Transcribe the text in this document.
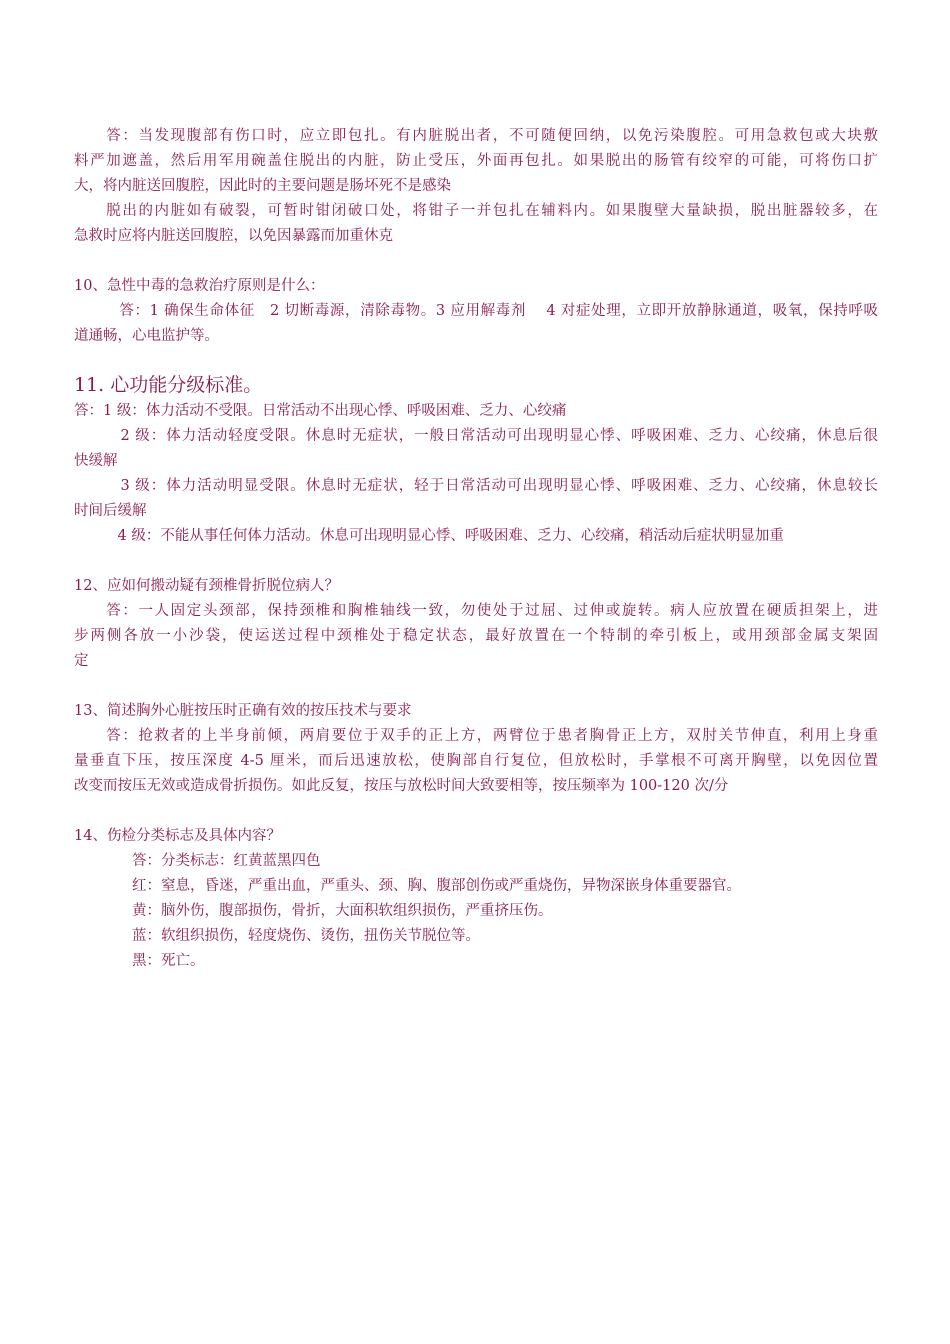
　　答：当发现腹部有伤口时，应立即包扎。有内脏脱出者，不可随便回纳，以免污染腹腔。可用急救包或大块敷
料严加遮盖，然后用军用碗盖住脱出的内脏，防止受压，外面再包扎。如果脱出的肠管有绞窄的可能，可将伤口扩
大，将内脏送回腹腔，因此时的主要问题是肠坏死不是感染
　　脱出的内脏如有破裂，可暂时钳闭破口处，将钳子一并包扎在辅料内。如果腹壁大量缺损，脱出脏器较多，在
急救时应将内脏送回腹腔，以免因暴露而加重休克
10、急性中毒的急救治疗原则是什么：
　　　答：1 确保生命体征　2 切断毒源，清除毒物。3 应用解毒剂　 4 对症处理，立即开放静脉通道，吸氧，保持呼吸
道通畅，心电监护等。
11. 心功能分级标准。
答：1 级：体力活动不受限。日常活动不出现心悸、呼吸困难、乏力、心绞痛
　　　2 级：体力活动轻度受限。休息时无症状，一般日常活动可出现明显心悸、呼吸困难、乏力、心绞痛，休息后很
快缓解
　　　3 级：体力活动明显受限。休息时无症状，轻于日常活动可出现明显心悸、呼吸困难、乏力、心绞痛，休息较长
时间后缓解
　　　4 级：不能从事任何体力活动。休息可出现明显心悸、呼吸困难、乏力、心绞痛，稍活动后症状明显加重
12、应如何搬动疑有颈椎骨折脱位病人？
　　答：一人固定头颈部，保持颈椎和胸椎轴线一致，勿使处于过屈、过伸或旋转。病人应放置在硬质担架上，进
步两侧各放一小沙袋，使运送过程中颈椎处于稳定状态，最好放置在一个特制的牵引板上，或用颈部金属支架固
定
13、简述胸外心脏按压时正确有效的按压技术与要求
　　答：抢救者的上半身前倾，两肩要位于双手的正上方，两臂位于患者胸骨正上方，双肘关节伸直，利用上身重
量垂直下压，按压深度 4-5 厘米，而后迅速放松，使胸部自行复位，但放松时，手掌根不可离开胸壁，以免因位置
改变而按压无效或造成骨折损伤。如此反复，按压与放松时间大致要相等，按压频率为 100-120 次/分
14、伤检分类标志及具体内容？
　　　　答：分类标志：红黄蓝黑四色
　　　　红：窒息，昏迷，严重出血，严重头、颈、胸、腹部创伤或严重烧伤，异物深嵌身体重要器官。
　　　　黄：脑外伤，腹部损伤，骨折，大面积软组织损伤，严重挤压伤。
　　　　蓝：软组织损伤，轻度烧伤、烫伤，扭伤关节脱位等。
　　　　黑：死亡。
